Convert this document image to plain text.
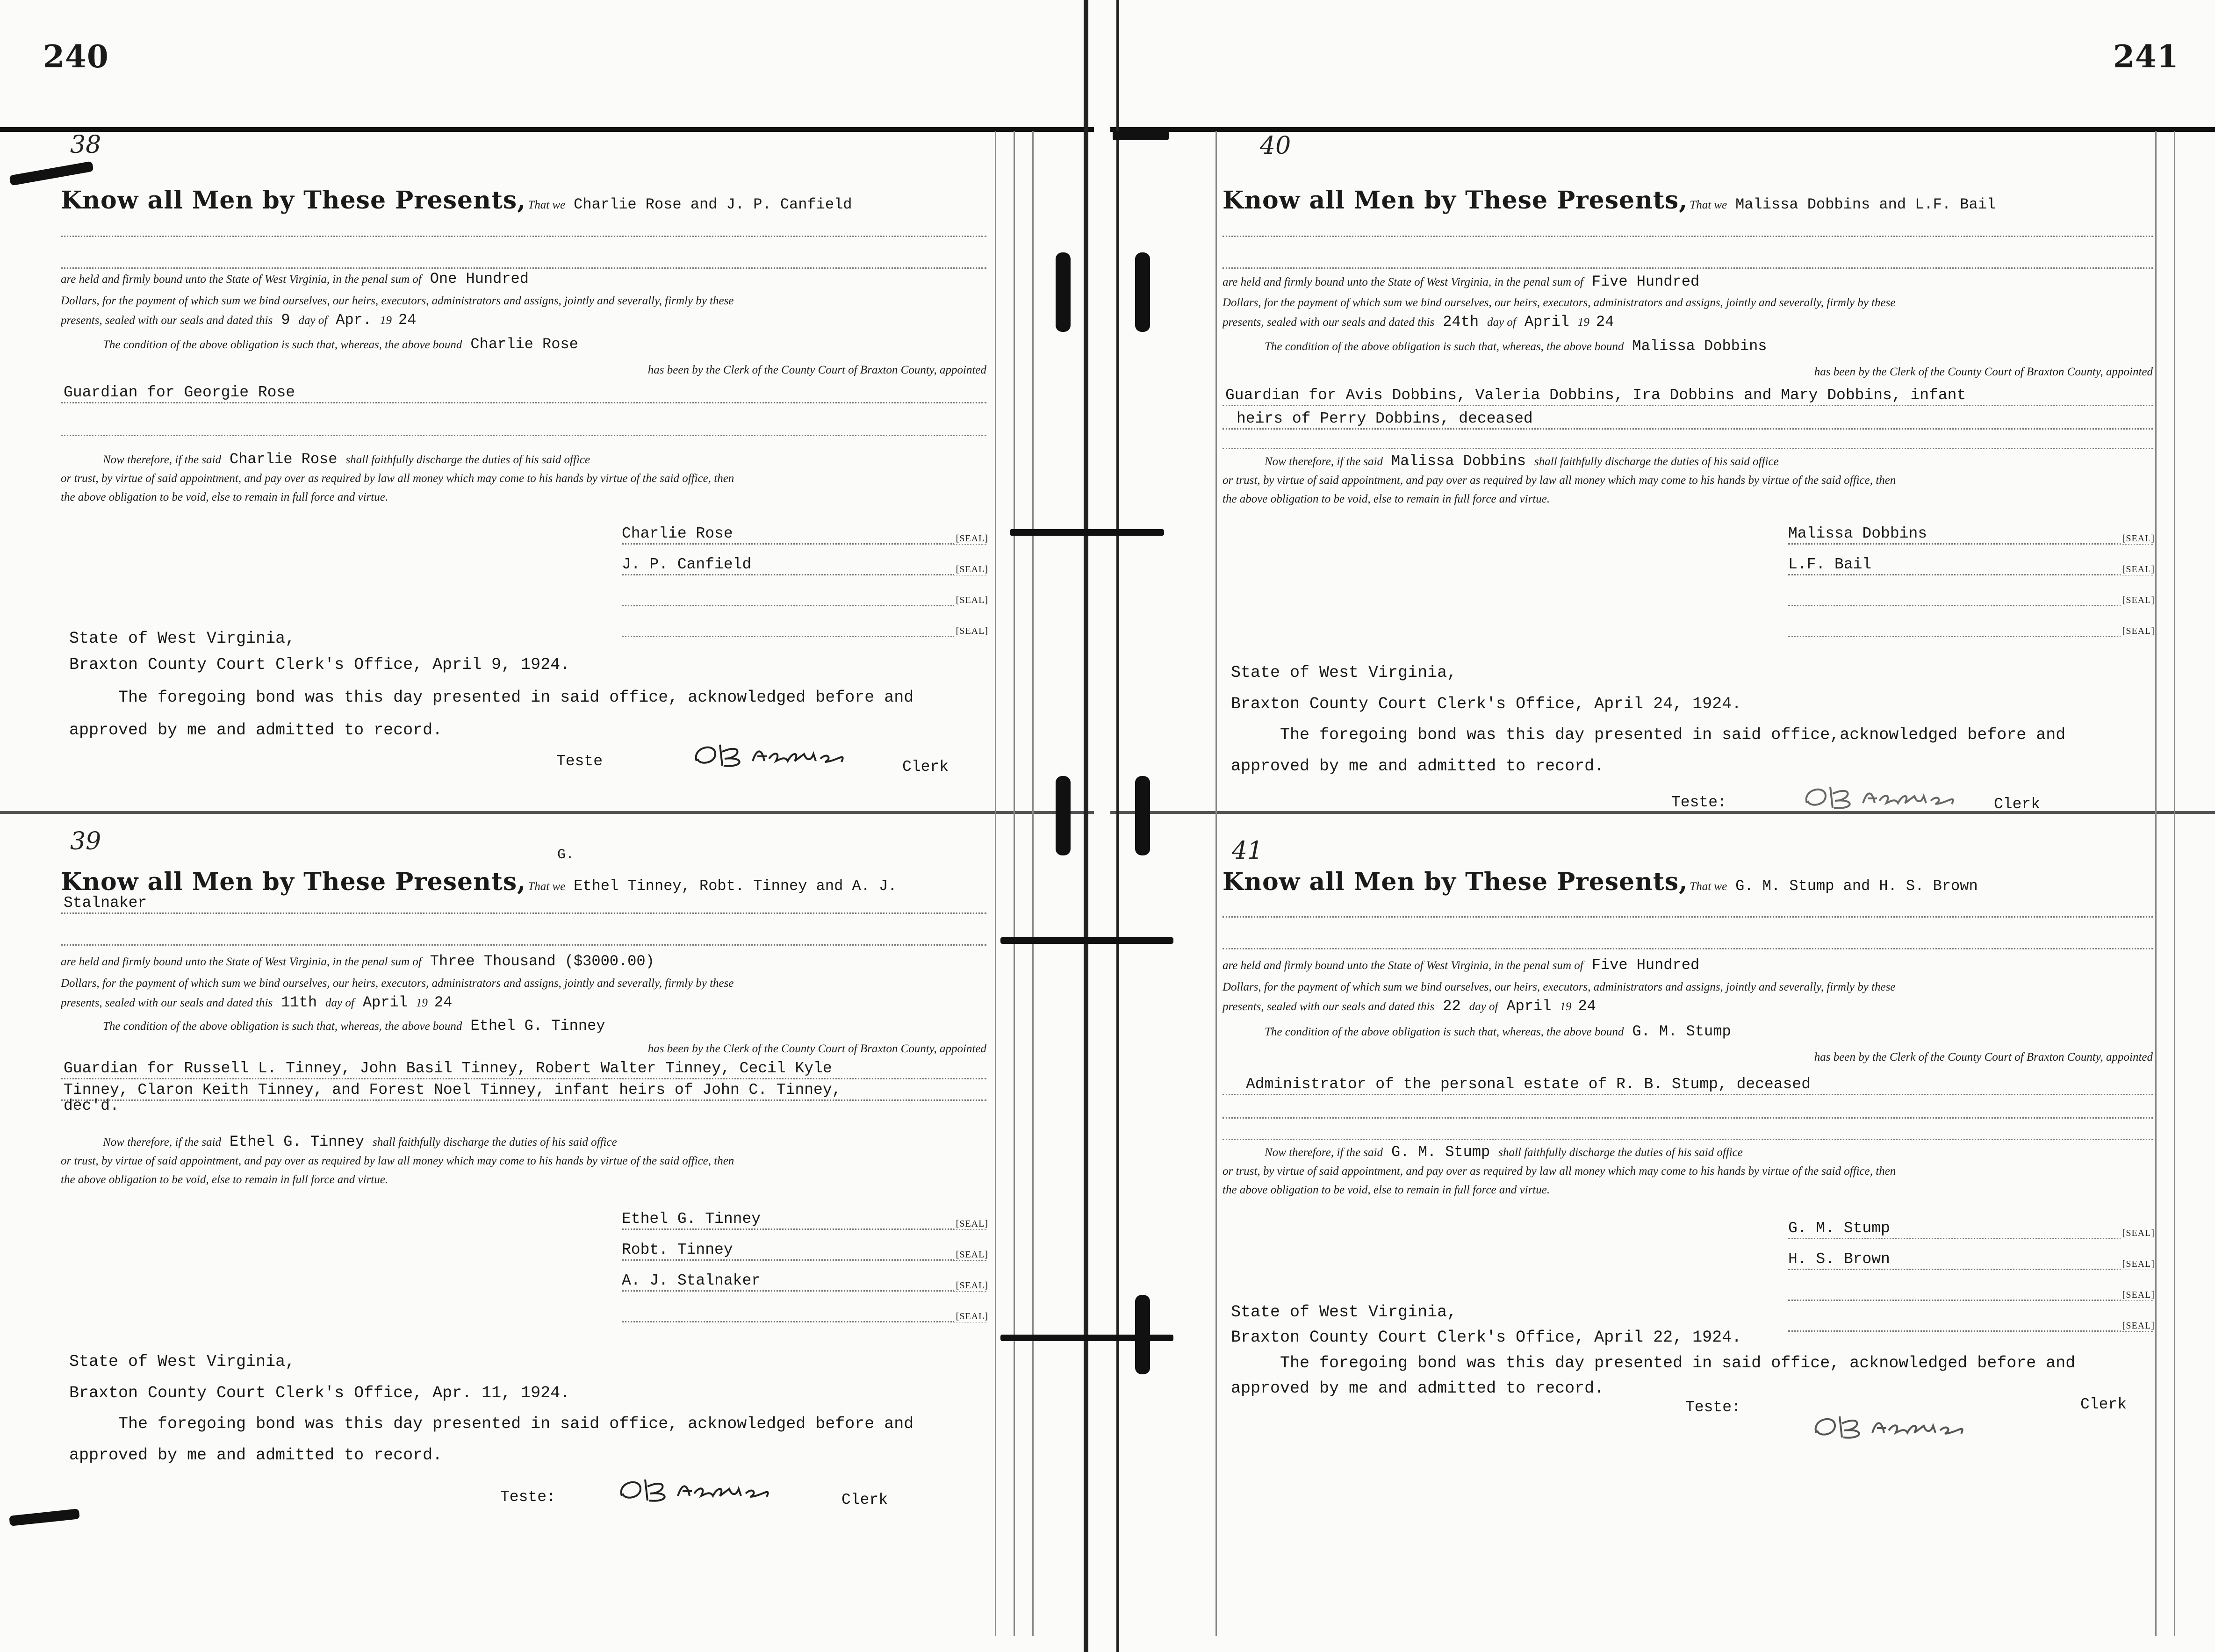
240	241
38
Know all Men by These Presents, That we Charlie Rose and J. P. Canfield
are held and firmly bound unto the State of West Virginia, in the penal sum of One Hundred
Dollars, for the payment of which sum we bind ourselves, our heirs, executors, administrators and assigns, jointly and severally, firmly by these
presents, sealed with our seals and dated this 9 day of Apr. 19 24
The condition of the above obligation is such that, whereas, the above bound Charlie Rose
has been by the Clerk of the County Court of Braxton County, appointed
Guardian for Georgie Rose
Now therefore, if the said Charlie Rose shall faithfully discharge the duties of his said office
or trust, by virtue of said appointment, and pay over as required by law all money which may come to his hands by virtue of the said office, then
the above obligation to be void, else to remain in full force and virtue.
Charlie Rose	[SEAL]
J. P. Canfield	[SEAL]
[SEAL]
[SEAL]
State of West Virginia,
Braxton County Court Clerk's Office, April 9, 1924.
The foregoing bond was this day presented in said office, acknowledged before and
approved by me and admitted to record.
Teste	Clerk
39	G.
Know all Men by These Presents, That we Ethel Tinney, Robt. Tinney and A. J.
Stalnaker
are held and firmly bound unto the State of West Virginia, in the penal sum of Three Thousand ($3000.00)
Dollars, for the payment of which sum we bind ourselves, our heirs, executors, administrators and assigns, jointly and severally, firmly by these
presents, sealed with our seals and dated this 11th day of April 19 24
The condition of the above obligation is such that, whereas, the above bound Ethel G. Tinney
has been by the Clerk of the County Court of Braxton County, appointed
Guardian for Russell L. Tinney, John Basil Tinney, Robert Walter Tinney, Cecil Kyle
Tinney, Claron Keith Tinney, and Forest Noel Tinney, infant heirs of John C. Tinney,
dec'd.
Now therefore, if the said Ethel G. Tinney shall faithfully discharge the duties of his said office
or trust, by virtue of said appointment, and pay over as required by law all money which may come to his hands by virtue of the said office, then
the above obligation to be void, else to remain in full force and virtue.
Ethel G. Tinney	[SEAL]
Robt. Tinney	[SEAL]
A. J. Stalnaker	[SEAL]
[SEAL]
State of West Virginia,
Braxton County Court Clerk's Office, Apr. 11, 1924.
The foregoing bond was this day presented in said office, acknowledged before and
approved by me and admitted to record.
Teste:	Clerk
40
Know all Men by These Presents, That we Malissa Dobbins and L.F. Bail
are held and firmly bound unto the State of West Virginia, in the penal sum of Five Hundred
Dollars, for the payment of which sum we bind ourselves, our heirs, executors, administrators and assigns, jointly and severally, firmly by these
presents, sealed with our seals and dated this 24th day of April 19 24
The condition of the above obligation is such that, whereas, the above bound Malissa Dobbins
has been by the Clerk of the County Court of Braxton County, appointed
Guardian for Avis Dobbins, Valeria Dobbins, Ira Dobbins and Mary Dobbins, infant
heirs of Perry Dobbins, deceased
Now therefore, if the said Malissa Dobbins shall faithfully discharge the duties of his said office
or trust, by virtue of said appointment, and pay over as required by law all money which may come to his hands by virtue of the said office, then
the above obligation to be void, else to remain in full force and virtue.
Malissa Dobbins	[SEAL]
L.F. Bail	[SEAL]
[SEAL]
[SEAL]
State of West Virginia,
Braxton County Court Clerk's Office, April 24, 1924.
The foregoing bond was this day presented in said office,acknowledged before and
approved by me and admitted to record.
Teste:	Clerk
41
Know all Men by These Presents, That we G. M. Stump and H. S. Brown
are held and firmly bound unto the State of West Virginia, in the penal sum of Five Hundred
Dollars, for the payment of which sum we bind ourselves, our heirs, executors, administrators and assigns, jointly and severally, firmly by these
presents, sealed with our seals and dated this 22 day of April 19 24
The condition of the above obligation is such that, whereas, the above bound G. M. Stump
has been by the Clerk of the County Court of Braxton County, appointed
Administrator of the personal estate of R. B. Stump, deceased
Now therefore, if the said G. M. Stump shall faithfully discharge the duties of his said office
or trust, by virtue of said appointment, and pay over as required by law all money which may come to his hands by virtue of the said office, then
the above obligation to be void, else to remain in full force and virtue.
G. M. Stump	[SEAL]
H. S. Brown	[SEAL]
[SEAL]
[SEAL]
State of West Virginia,
Braxton County Court Clerk's Office, April 22, 1924.
The foregoing bond was this day presented in said office, acknowledged before and
approved by me and admitted to record.
Teste:	Clerk
